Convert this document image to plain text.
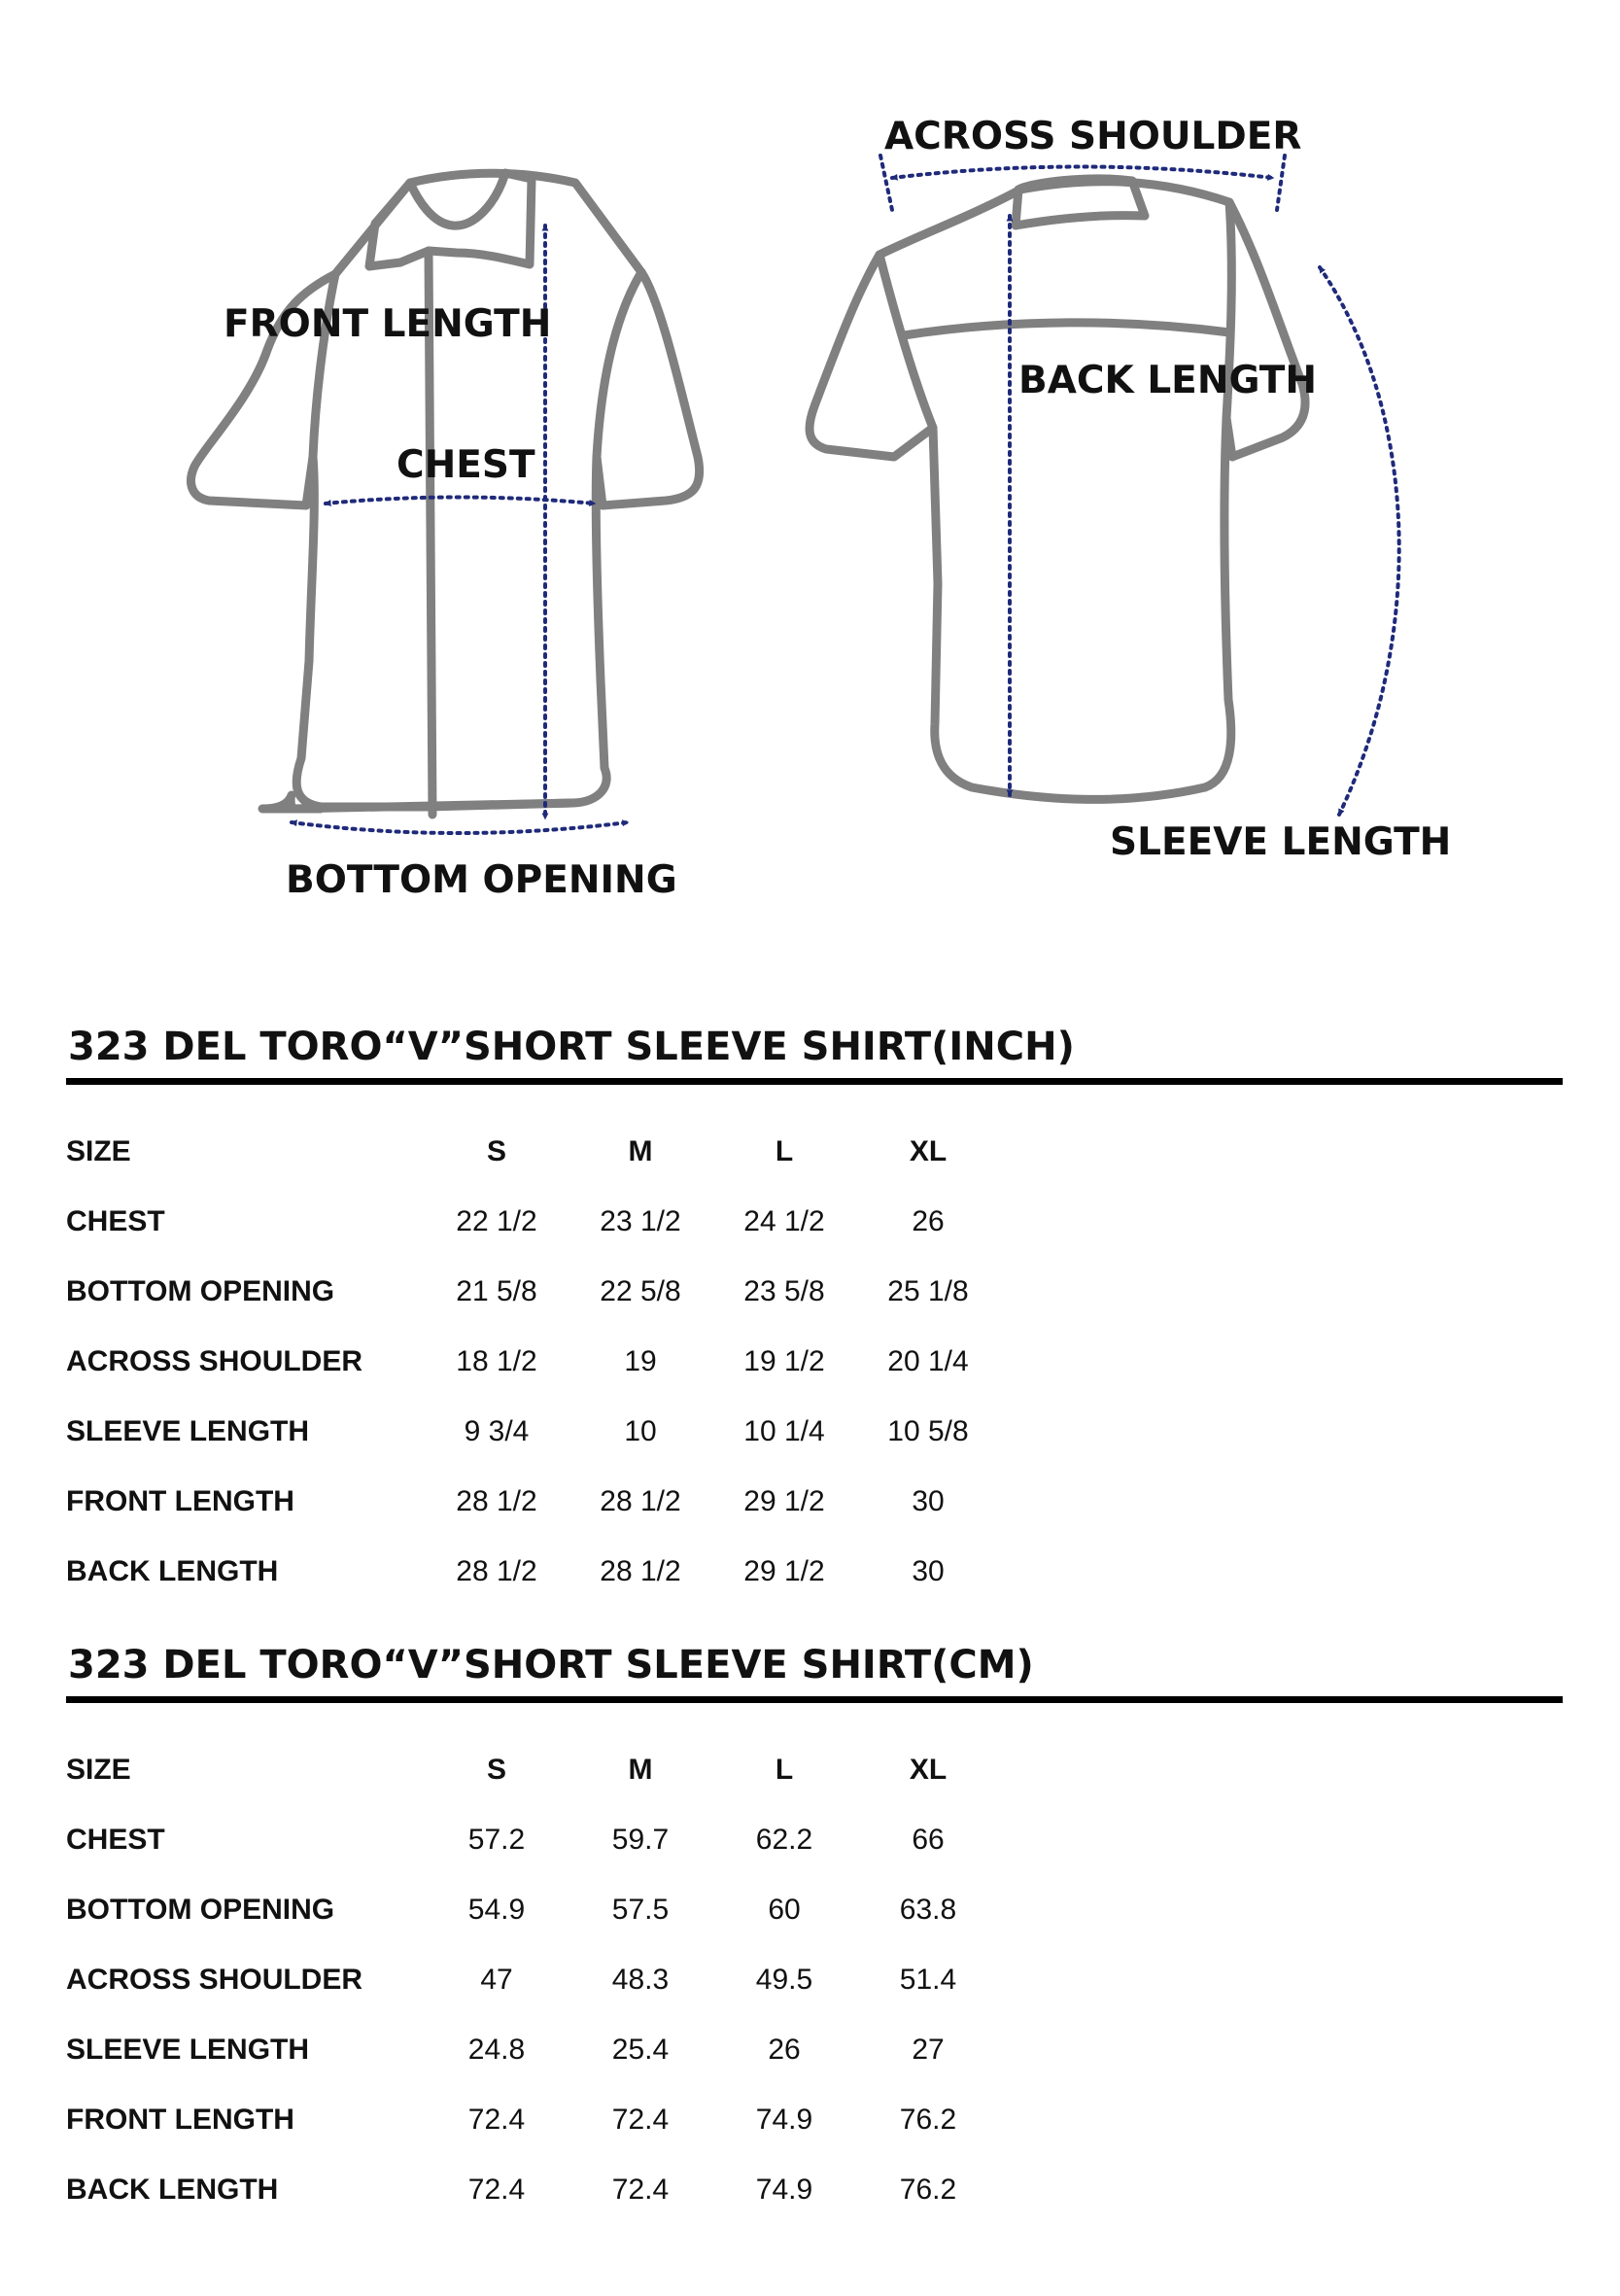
FRONT LENGTH
CHEST
BOTTOM OPENING
ACROSS SHOULDER
BACK LENGTH
SLEEVE LENGTH
323 DEL TORO“V”SHORT SLEEVE SHIRT(INCH)
SIZE	S	M	L	XL
CHEST	22 1/2	23 1/2	24 1/2	26
BOTTOM OPENING	21 5/8	22 5/8	23 5/8	25 1/8
ACROSS SHOULDER	18 1/2	19	19 1/2	20 1/4
SLEEVE LENGTH	9 3/4	10	10 1/4	10 5/8
FRONT LENGTH	28 1/2	28 1/2	29 1/2	30
BACK LENGTH	28 1/2	28 1/2	29 1/2	30
323 DEL TORO“V”SHORT SLEEVE SHIRT(CM)
SIZE	S	M	L	XL
CHEST	57.2	59.7	62.2	66
BOTTOM OPENING	54.9	57.5	60	63.8
ACROSS SHOULDER	47	48.3	49.5	51.4
SLEEVE LENGTH	24.8	25.4	26	27
FRONT LENGTH	72.4	72.4	74.9	76.2
BACK LENGTH	72.4	72.4	74.9	76.2
